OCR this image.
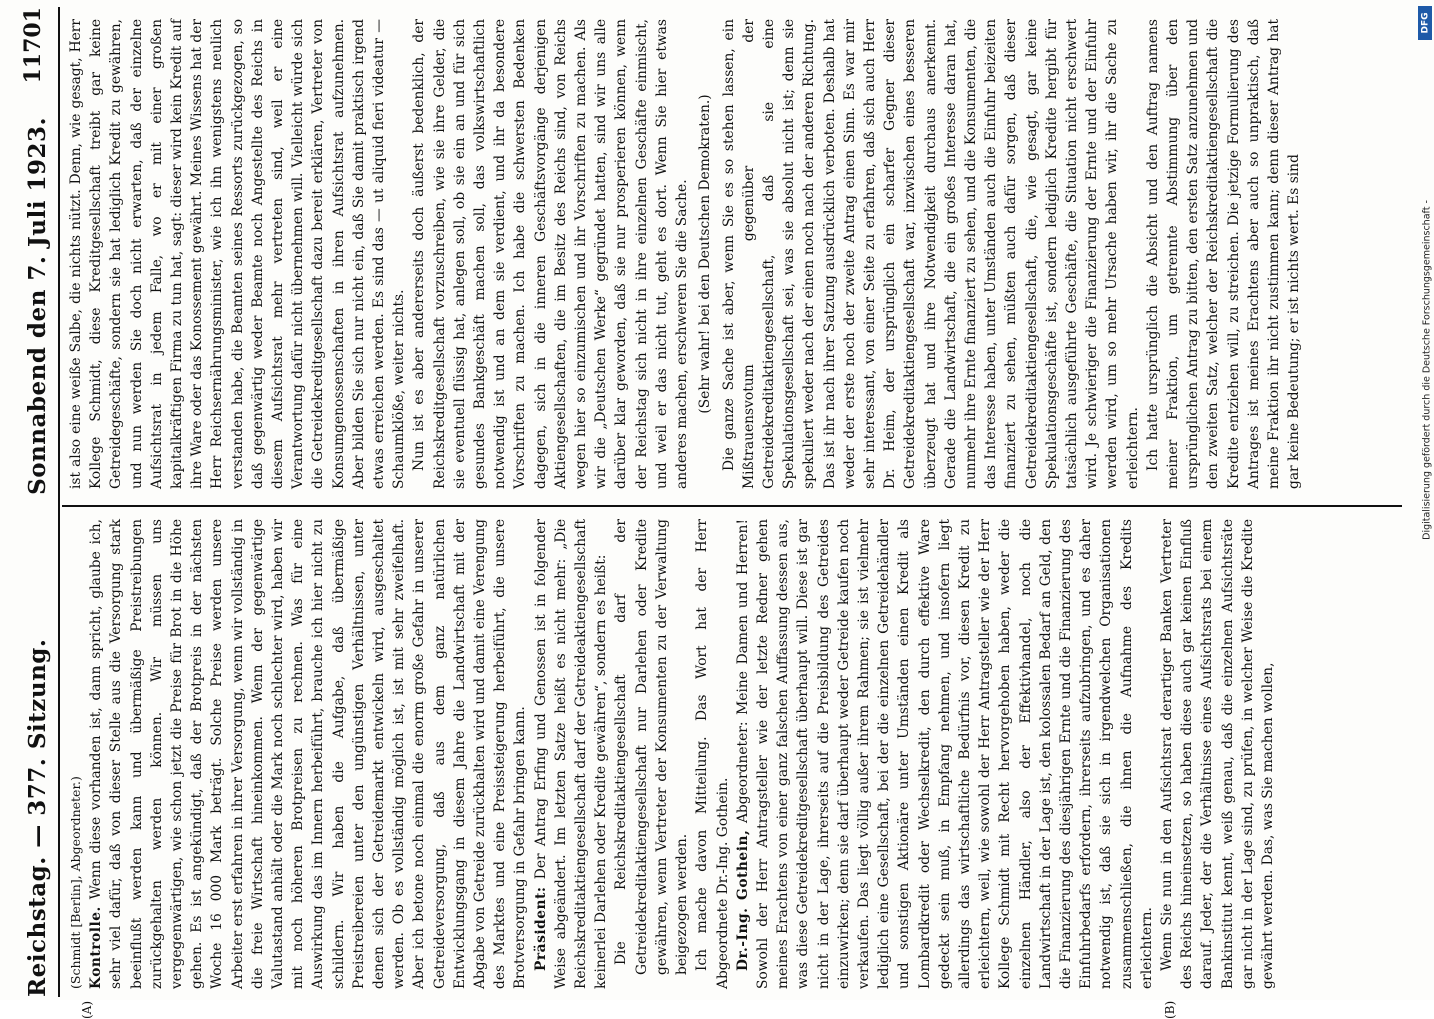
Reichstag. — 377. Sitzung.
Sonnabend den 7. Juli 1923.
11701
(A)	(B)

(Schmidt [Berlin], Abgeordneter.) Kontrolle. Wenn diese vorhanden ist, dann spricht, glaube ich, sehr viel dafür, daß von dieser Stelle aus die Versorgung stark beeinflußt werden kann und übermäßige Preistreibungen zurückgehalten werden können. Wir müssen uns vergegenwärtigen, wie schon jetzt die Preise für Brot in die Höhe gehen. Es ist angekündigt, daß der Brotpreis in der nächsten Woche 16 000 Mark beträgt. Solche Preise werden unsere Arbeiter erst erfahren in ihrer Versorgung, wenn wir vollständig in die freie Wirtschaft hineinkommen. Wenn der gegenwärtige Valutastand anhält oder die Mark noch schlechter wird, haben wir mit noch höheren Brotpreisen zu rechnen. Was für eine Auswirkung das im Innern herbeiführt, brauche ich hier nicht zu schildern. Wir haben die Aufgabe, daß übermäßige Preistreibereien unter den ungünstigen Verhältnissen, unter denen sich der Getreidemarkt entwickeln wird, ausgeschaltet werden. Ob es vollständig möglich ist, ist mit sehr zweifelhaft. Aber ich betone noch einmal die enorm große Gefahr in unserer Getreideversorgung, daß aus dem ganz natürlichen Entwicklungsgang in diesem Jahre die Landwirtschaft mit der Abgabe von Getreide zurückhalten wird und damit eine Verengung des Marktes und eine Preissteigerung herbeiführt, die unsere Brotversorgung in Gefahr bringen kann. Präsident: Der Antrag Erfing und Genossen ist in folgender Weise abgeändert. Im letzten Satze heißt es nicht mehr: „Die Reichskreditaktiengesellschaft darf der Getreideaktiengesellschaft keinerlei Darlehen oder Kredite gewähren“, sondern es heißt: Die Reichskreditaktiengesellschaft darf der Getreidekreditaktiengesellschaft nur Darlehen oder Kredite gewähren, wenn Vertreter der Konsumenten zu der Verwaltung beigezogen werden. Ich mache davon Mitteilung. Das Wort hat der Herr Abgeordnete Dr.-Ing. Gothein. Dr.-Ing. Gothein, Abgeordneter: Meine Damen und Herren! Sowohl der Herr Antragsteller wie der letzte Redner gehen meines Erachtens von einer ganz falschen Auffassung dessen aus, was diese Getreidekreditgesellschaft überhaupt will. Diese ist gar nicht in der Lage, ihrerseits auf die Preisbildung des Getreides einzuwirken; denn sie darf überhaupt weder Getreide kaufen noch verkaufen. Das liegt völlig außer ihrem Rahmen; sie ist vielmehr lediglich eine Gesellschaft, bei der die einzelnen Getreidehändler und sonstigen Aktionäre unter Umständen einen Kredit als Lombardkredit oder Wechselkredit, den durch effektive Ware gedeckt sein muß, in Empfang nehmen, und insofern liegt allerdings das wirtschaftliche Bedürfnis vor, diesen Kredit zu erleichtern, weil, wie sowohl der Herr Antragsteller wie der Herr Kollege Schmidt mit Recht hervorgehoben haben, weder die einzelnen Händler, also der Effektivhandel, noch die Landwirtschaft in der Lage ist, den kolossalen Bedarf an Geld, den die Finanzierung des diesjährigen Ernte und die Finanzierung des Einfuhrbedarfs erfordern, ihrerseits aufzubringen, und es daher notwendig ist, daß sie sich in irgendwelchen Organisationen zusammenschließen, die ihnen die Aufnahme des Kredits erleichtern. Wenn Sie nun in den Aufsichtsrat derartiger Banken Vertreter des Reichs hineinsetzen, so haben diese auch gar keinen Einfluß darauf. Jeder, der die Verhältnisse eines Aufsichtsrats bei einem Bankinstitut kennt, weiß genau, daß die einzelnen Aufsichtsräte gar nicht in der Lage sind, zu prüfen, in welcher Weise die Kredite gewährt werden. Das, was Sie machen wollen,

ist also eine weiße Salbe, die nichts nützt. Denn, wie gesagt, Herr Kollege Schmidt, diese Kreditgesellschaft treibt gar keine Getreidegeschäfte, sondern sie hat lediglich Kredit zu gewähren, und nun werden Sie doch nicht erwarten, daß der einzelne Aufsichtsrat in jedem Falle, wo er mit einer großen kapitalkräftigen Firma zu tun hat, sagt: dieser wird kein Kredit auf ihre Ware oder das Konossement gewährt. Meines Wissens hat der Herr Reichsernährungsminister, wie ich ihn wenigstens neulich verstanden habe, die Beamten seines Ressorts zurückgezogen, so daß gegenwärtig weder Beamte noch Angestellte des Reichs in diesem Aufsichtsrat mehr vertreten sind, weil er eine Verantwortung dafür nicht übernehmen will. Vielleicht würde sich die Getreidekreditgesellschaft dazu bereit erklären, Vertreter von Konsumgenossenschaften in ihren Aufsichtsrat aufzunehmen. Aber bilden Sie sich nur nicht ein, daß Sie damit praktisch irgend etwas erreichen werden. Es sind das — ut aliquid fieri videatur — Schaumklöße, weiter nichts. Nun ist es aber andererseits doch äußerst bedenklich, der Reichskreditgesellschaft vorzuschreiben, wie sie ihre Gelder, die sie eventuell flüssig hat, anlegen soll, ob sie ein an und für sich gesundes Bankgeschäft machen soll, das volkswirtschaftlich notwendig ist und an dem sie verdient, und ihr da besondere Vorschriften zu machen. Ich habe die schwersten Bedenken dagegen, sich in die inneren Geschäftsvorgänge derjenigen Aktiengesellschaften, die im Besitz des Reichs sind, von Reichs wegen hier so einzumischen und ihr Vorschriften zu machen. Als wir die „Deutschen Werke“ gegründet hatten, sind wir uns alle darüber klar geworden, daß sie nur prosperieren können, wenn der Reichstag sich nicht in ihre einzelnen Geschäfte einmischt, und weil er das nicht tut, geht es dort. Wenn Sie hier etwas anderes machen, erschweren Sie die Sache. (Sehr wahr! bei den Deutschen Demokraten.) Die ganze Sache ist aber, wenn Sie es so stehen lassen, ein Mißtrauensvotum gegenüber der Getreidekreditaktiengesellschaft, daß sie eine Spekulationsgesellschaft sei, was sie absolut nicht ist; denn sie spekuliert weder nach der einen noch nach der anderen Richtung. Das ist ihr nach ihrer Satzung ausdrücklich verboten. Deshalb hat weder der erste noch der zweite Antrag einen Sinn. Es war mir sehr interessant, von einer Seite zu erfahren, daß sich auch Herr Dr. Heim, der ursprünglich ein scharfer Gegner dieser Getreidekreditaktiengesellschaft war, inzwischen eines besseren überzeugt hat und ihre Notwendigkeit durchaus anerkennt. Gerade die Landwirtschaft, die ein großes Interesse daran hat, nunmehr ihre Ernte finanziert zu sehen, und die Konsumenten, die das Interesse haben, unter Umständen auch die Einfuhr beizeiten finanziert zu sehen, müßten auch dafür sorgen, daß dieser Getreidekreditaktiengesellschaft, die, wie gesagt, gar keine Spekulationsgeschäfte ist, sondern lediglich Kredite hergibt für tatsächlich ausgeführte Geschäfte, die Situation nicht erschwert wird. Je schwieriger die Finanzierung der Ernte und der Einfuhr werden wird, um so mehr Ursache haben wir, ihr die Sache zu erleichtern. Ich hatte ursprünglich die Absicht und den Auftrag namens meiner Fraktion, um getrennte Abstimmung über den ursprünglichen Antrag zu bitten, den ersten Satz anzunehmen und den zweiten Satz, welcher der Reichskreditaktiengesellschaft die Kredite entziehen will, zu streichen. Die jetzige Formulierung des Antrages ist meines Erachtens aber auch so unpraktisch, daß meine Fraktion ihr nicht zustimmen kann; denn dieser Antrag hat gar keine Bedeutung; er ist nichts wert. Es sind

DFG
Digitalisierung gefördert durch die Deutsche Forschungsgemeinschaft -
